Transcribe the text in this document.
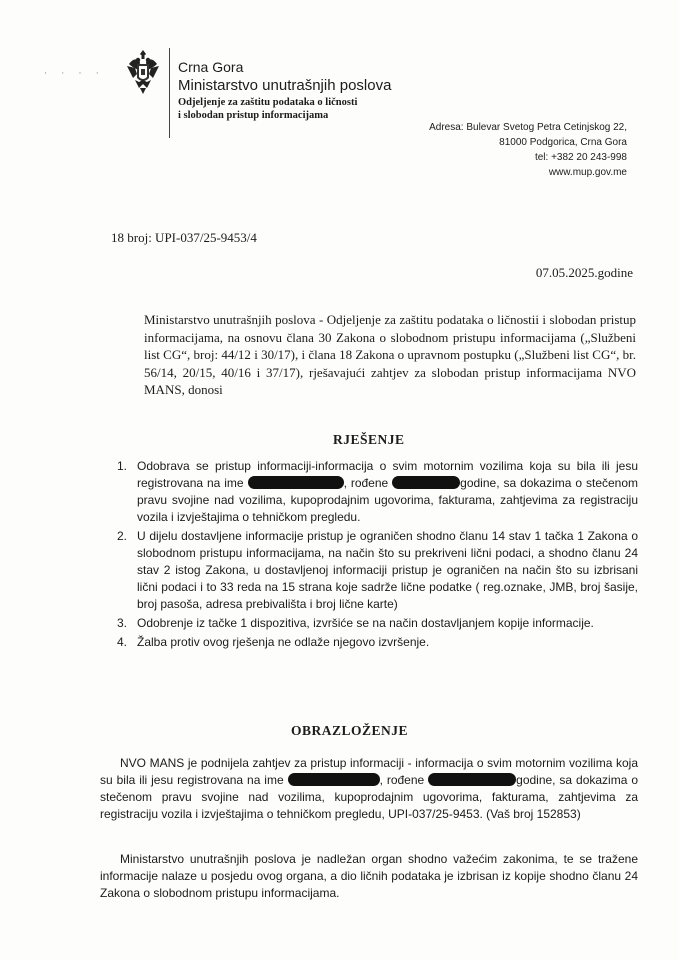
· · · ·	Crna Gora
Ministarstvo unutrašnjih poslova
Odjeljenje za zaštitu podataka o ličnosti
i slobodan pristup informacijama
Adresa: Bulevar Svetog Petra Cetinjskog 22,
81000 Podgorica, Crna Gora
tel: +382 20 243-998
www.mup.gov.me
18 broj: UPI-037/25-9453/4
07.05.2025.godine
Ministarstvo unutrašnjih poslova - Odjeljenje za zaštitu podataka o ličnostii i slobodan pristup informacijama, na osnovu člana 30 Zakona o slobodnom pristupu informacijama („Službeni list CG“, broj: 44/12 i 30/17), i člana 18 Zakona o upravnom postupku („Službeni list CG“, br. 56/14, 20/15, 40/16 i 37/17), rješavajući zahtjev za slobodan pristup informacijama NVO MANS, donosi
RJEŠENJE
1. Odobrava se pristup informaciji-informacija o svim motornim vozilima koja su bila ili jesu registrovana na ime	, rođene	godine, sa dokazima o stečenom pravu svojine nad vozilima, kupoprodajnim ugovorima, fakturama, zahtjevima za registraciju vozila i izvještajima o tehničkom pregledu.
2. U dijelu dostavljene informacije pristup je ograničen shodno članu 14 stav 1 tačka 1 Zakona o slobodnom pristupu informacijama, na način što su prekriveni lični podaci, a shodno članu 24 stav 2 istog Zakona, u dostavljenoj informaciji pristup je ograničen na način što su izbrisani lični podaci i to 33 reda na 15 strana koje sadrže lične podatke ( reg.oznake, JMB, broj šasije, broj pasoša, adresa prebivališta i broj lične karte)
3. Odobrenje iz tačke 1 dispozitiva, izvršiće se na način dostavljanjem kopije informacije.
4. Žalba protiv ovog rješenja ne odlaže njegovo izvršenje.
OBRAZLOŽENJE
NVO MANS je podnijela zahtjev za pristup informaciji - informacija o svim motornim vozilima koja su bila ili jesu registrovana na ime	, rođene	godine, sa dokazima o stečenom pravu svojine nad vozilima, kupoprodajnim ugovorima, fakturama, zahtjevima za registraciju vozila i izvještajima o tehničkom pregledu, UPI-037/25-9453. (Vaš broj 152853)
Ministarstvo unutrašnjih poslova je nadležan organ shodno važećim zakonima, te se tražene informacije nalaze u posjedu ovog organa, a dio ličnih podataka je izbrisan iz kopije shodno članu 24 Zakona o slobodnom pristupu informacijama.
